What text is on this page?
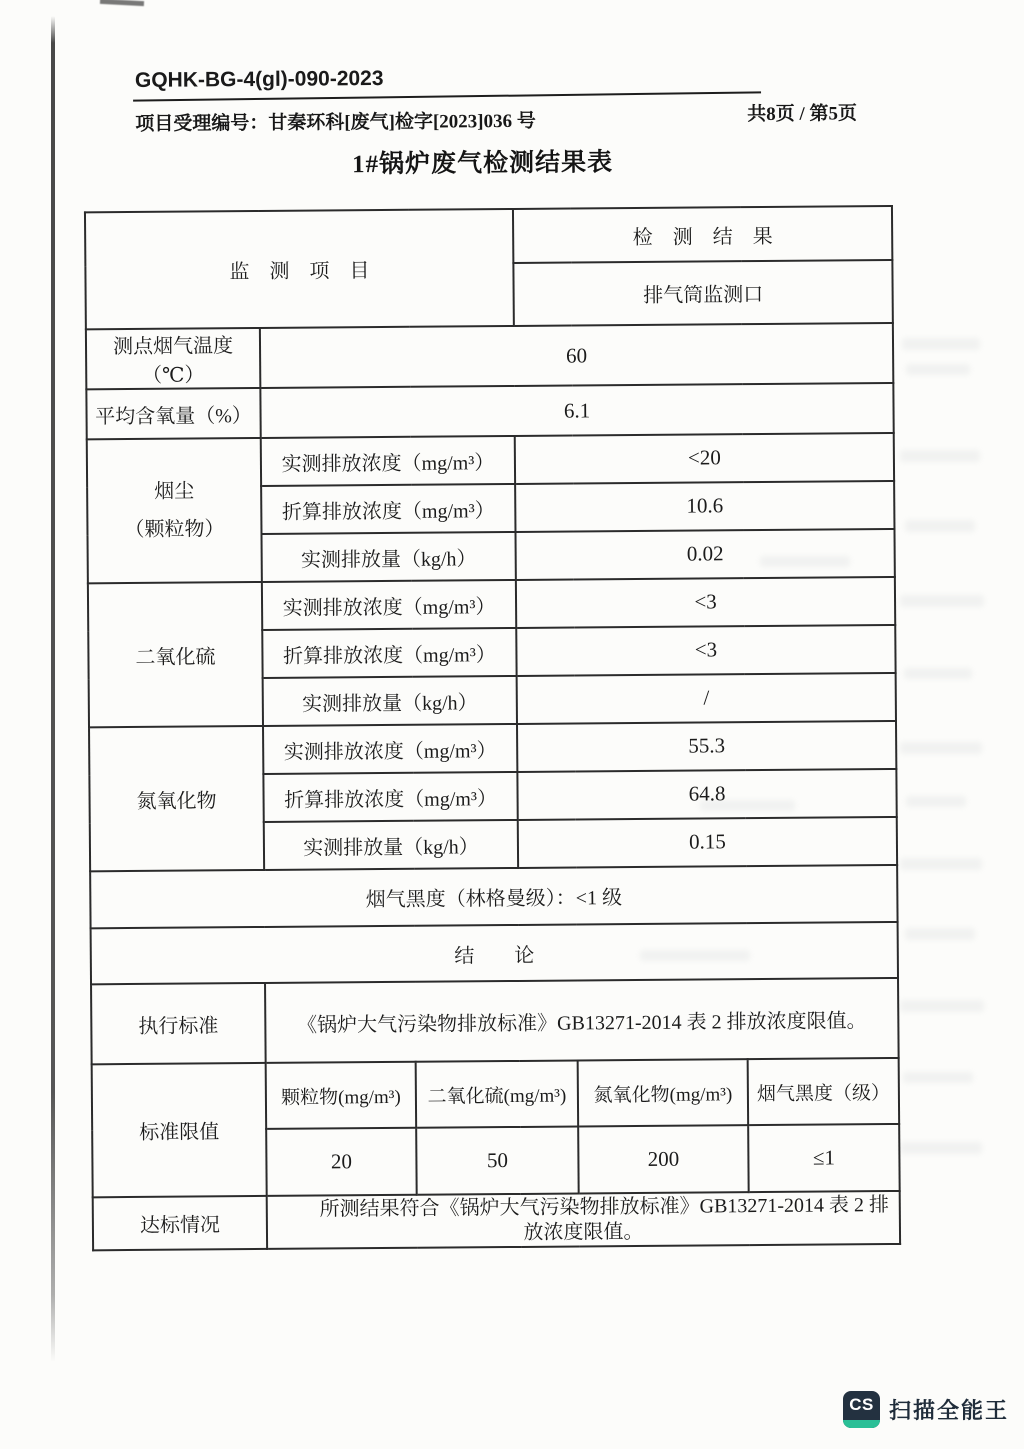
GQHK-BG-4(gl)-090-2023
项目受理编号：甘秦环科[废气]检字[2023]036 号	共8页 / 第5页
1#锅炉废气检测结果表
监　测　项　目			检　测　结　果		
			排气筒监测口		
测点烟气温度（℃）	60				
平均含氧量（%）	6.1				

烟尘
（颗粒物）	实测排放浓度（mg/m³）		<20		
	折算排放浓度（mg/m³）		10.6		
	实测排放量（kg/h）		0.02		

二氧化硫	实测排放浓度（mg/m³）		<3		
	折算排放浓度（mg/m³）		<3		
	实测排放量（kg/h）		/		

氮氧化物	实测排放浓度（mg/m³）		55.3		
	折算排放浓度（mg/m³）		64.8		
	实测排放量（kg/h）		0.15		
烟气黑度（林格曼级）：<1 级					
结　　论					
执行标准	《锅炉大气污染物排放标准》GB13271-2014 表 2 排放浓度限值。				
标准限值	颗粒物(mg/m³)	二氧化硫(mg/m³)		氮氧化物(mg/m³)	烟气黑度（级）
	20	50		200	≤1
达标情况	所测结果符合《锅炉大气污染物排放标准》GB13271-2014 表 2 排放浓度限值。				
CS 扫描全能王
